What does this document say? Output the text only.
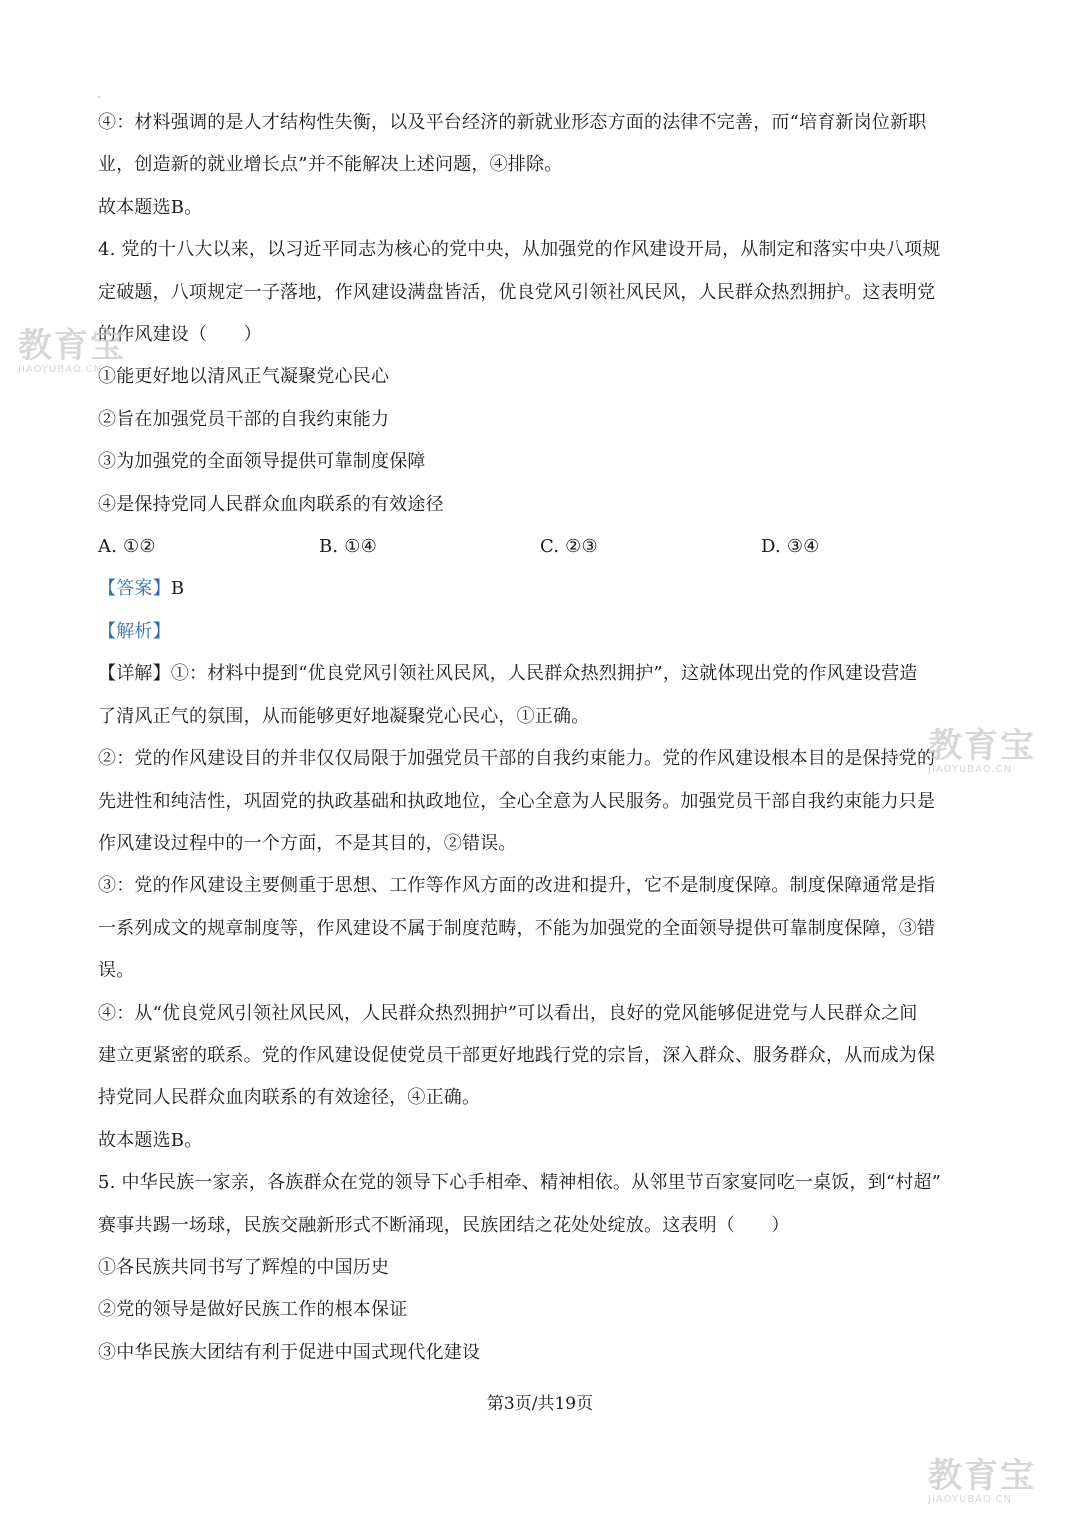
④：材料强调的是人才结构性失衡，以及平台经济的新就业形态方面的法律不完善，而“培育新岗位新职
业，创造新的就业增长点”并不能解决上述问题，④排除。
故本题选B。
4. 党的十八大以来，以习近平同志为核心的党中央，从加强党的作风建设开局，从制定和落实中央八项规
定破题，八项规定一子落地，作风建设满盘皆活，优良党风引领社风民风，人民群众热烈拥护。这表明党
的作风建设（　　）
①能更好地以清风正气凝聚党心民心
②旨在加强党员干部的自我约束能力
③为加强党的全面领导提供可靠制度保障
④是保持党同人民群众血肉联系的有效途径
A. ①②	B. ①④	C. ②③	D. ③④
【答案】B
【解析】
【详解】①：材料中提到“优良党风引领社风民风，人民群众热烈拥护”，这就体现出党的作风建设营造
了清风正气的氛围，从而能够更好地凝聚党心民心，①正确。
②：党的作风建设目的并非仅仅局限于加强党员干部的自我约束能力。党的作风建设根本目的是保持党的
先进性和纯洁性，巩固党的执政基础和执政地位，全心全意为人民服务。加强党员干部自我约束能力只是
作风建设过程中的一个方面，不是其目的，②错误。
③：党的作风建设主要侧重于思想、工作等作风方面的改进和提升，它不是制度保障。制度保障通常是指
一系列成文的规章制度等，作风建设不属于制度范畴，不能为加强党的全面领导提供可靠制度保障，③错
误。
④：从“优良党风引领社风民风，人民群众热烈拥护”可以看出，良好的党风能够促进党与人民群众之间
建立更紧密的联系。党的作风建设促使党员干部更好地践行党的宗旨，深入群众、服务群众，从而成为保
持党同人民群众血肉联系的有效途径，④正确。
故本题选B。
5. 中华民族一家亲，各族群众在党的领导下心手相牵、精神相依。从邻里节百家宴同吃一桌饭，到“村超”
赛事共踢一场球，民族交融新形式不断涌现，民族团结之花处处绽放。这表明（　　）
①各民族共同书写了辉煌的中国历史
②党的领导是做好民族工作的根本保证
③中华民族大团结有利于促进中国式现代化建设
第3页/共19页
教育宝
JIAOYUBAO.CN
教育宝
JIAOYUBAO.CN
教育宝
JIAOYUBAO.CN
